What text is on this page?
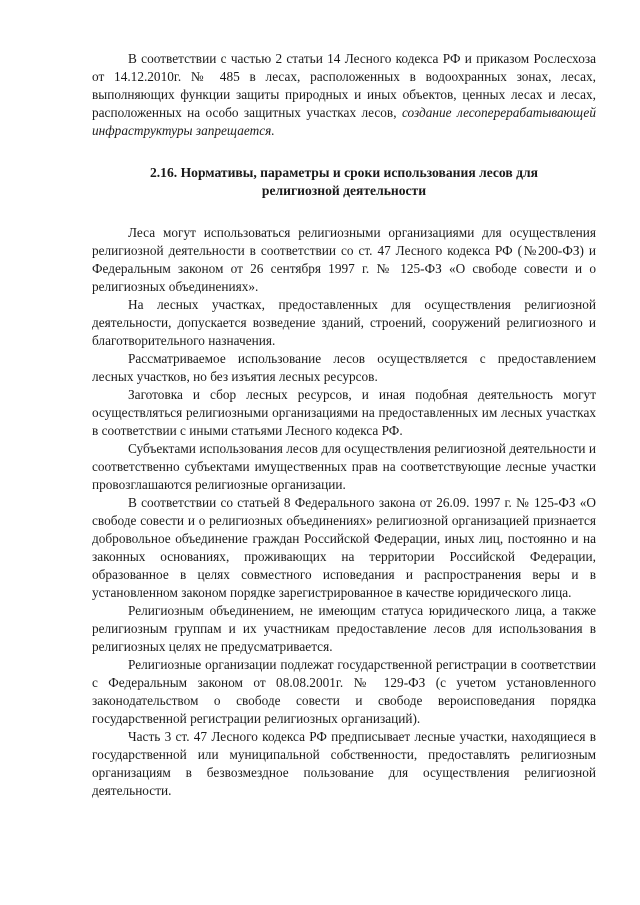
В соответствии с частью 2 статьи 14 Лесного кодекса РФ и приказом Рослесхоза от 14.12.2010г. № 485 в лесах, расположенных в водоохранных зонах, лесах, выполняющих функции защиты природных и иных объектов, ценных лесах и лесах, расположенных на особо защитных участках лесов, создание лесоперерабатывающей инфраструктуры запрещается.

2.16. Нормативы, параметры и сроки использования лесов для
религиозной деятельности

Леса могут использоваться религиозными организациями для осуществления религиозной деятельности в соответствии со ст. 47 Лесного кодекса РФ (№200-ФЗ) и Федеральным законом от 26 сентября 1997 г. № 125-ФЗ «О свободе совести и о религиозных объединениях».

На лесных участках, предоставленных для осуществления религиозной деятельности, допускается возведение зданий, строений, сооружений религиозного и благотворительного назначения.

Рассматриваемое использование лесов осуществляется с предоставлением лесных участков, но без изъятия лесных ресурсов.

Заготовка и сбор лесных ресурсов, и иная подобная деятельность могут осуществляться религиозными организациями на предоставленных им лесных участках в соответствии с иными статьями Лесного кодекса РФ.

Субъектами использования лесов для осуществления религиозной деятельности и соответственно субъектами имущественных прав на соответствующие лесные участки провозглашаются религиозные организации.

В соответствии со статьей 8 Федерального закона от 26.09. 1997 г. № 125-ФЗ «О свободе совести и о религиозных объединениях» религиозной организацией признается добровольное объединение граждан Российской Федерации, иных лиц, постоянно и на законных основаниях, проживающих на территории Российской Федерации, образованное в целях совместного исповедания и распространения веры и в установленном законом порядке зарегистрированное в качестве юридического лица.

Религиозным объединением, не имеющим статуса юридического лица, а также религиозным группам и их участникам предоставление лесов для использования в религиозных целях не предусматривается.

Религиозные организации подлежат государственной регистрации в соответствии с Федеральным законом от 08.08.2001г. № 129-ФЗ (с учетом установленного законодательством о свободе совести и свободе вероисповедания порядка государственной регистрации религиозных организаций).

Часть 3 ст. 47 Лесного кодекса РФ предписывает лесные участки, находящиеся в государственной или муниципальной собственности, предоставлять религиозным организациям в безвозмездное пользование для осуществления религиозной деятельности.
